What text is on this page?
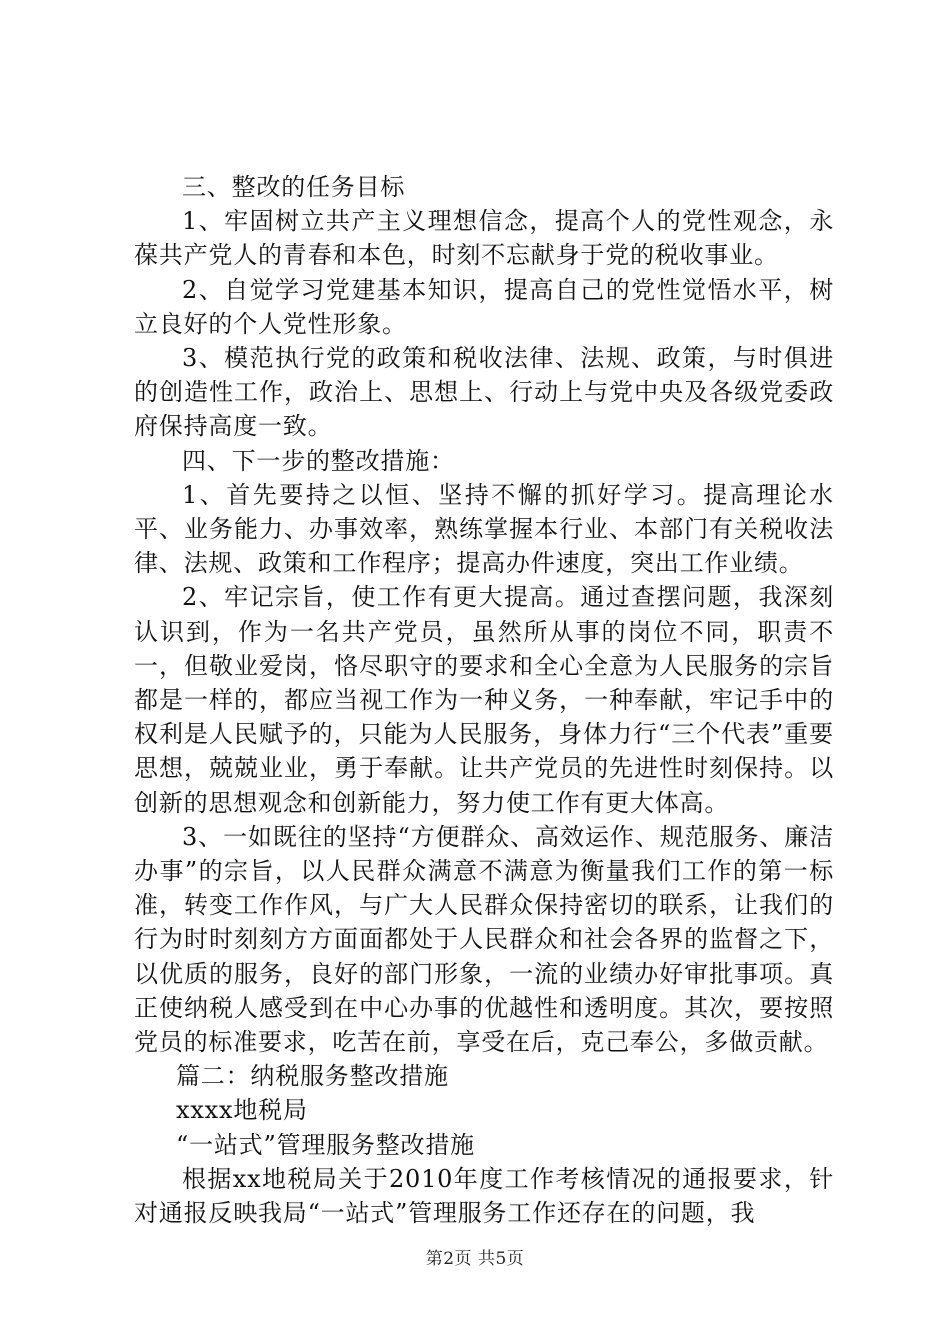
三、整改的任务目标

1、牢固树立共产主义理想信念，提高个人的党性观念，永葆共产党人的青春和本色，时刻不忘献身于党的税收事业。

2、自觉学习党建基本知识，提高自己的党性觉悟水平，树立良好的个人党性形象。

3、模范执行党的政策和税收法律、法规、政策，与时俱进的创造性工作，政治上、思想上、行动上与党中央及各级党委政府保持高度一致。

四、下一步的整改措施：

1、首先要持之以恒、坚持不懈的抓好学习。提高理论水平、业务能力、办事效率，熟练掌握本行业、本部门有关税收法律、法规、政策和工作程序；提高办件速度，突出工作业绩。

2、牢记宗旨，使工作有更大提高。通过查摆问题，我深刻认识到，作为一名共产党员，虽然所从事的岗位不同，职责不一，但敬业爱岗，恪尽职守的要求和全心全意为人民服务的宗旨都是一样的，都应当视工作为一种义务，一种奉献，牢记手中的权利是人民赋予的，只能为人民服务，身体力行“三个代表”重要思想，兢兢业业，勇于奉献。让共产党员的先进性时刻保持。以创新的思想观念和创新能力，努力使工作有更大体高。

3、一如既往的坚持“方便群众、高效运作、规范服务、廉洁办事”的宗旨，以人民群众满意不满意为衡量我们工作的第一标准，转变工作作风，与广大人民群众保持密切的联系，让我们的行为时时刻刻方方面面都处于人民群众和社会各界的监督之下，以优质的服务，良好的部门形象，一流的业绩办好审批事项。真正使纳税人感受到在中心办事的优越性和透明度。其次，要按照党员的标准要求，吃苦在前，享受在后，克己奉公，多做贡献。

篇二：纳税服务整改措施

xxxx地税局

“一站式”管理服务整改措施

根据xx地税局关于2010年度工作考核情况的通报要求，针对通报反映我局“一站式”管理服务工作还存在的问题，我

第2页 共5页
